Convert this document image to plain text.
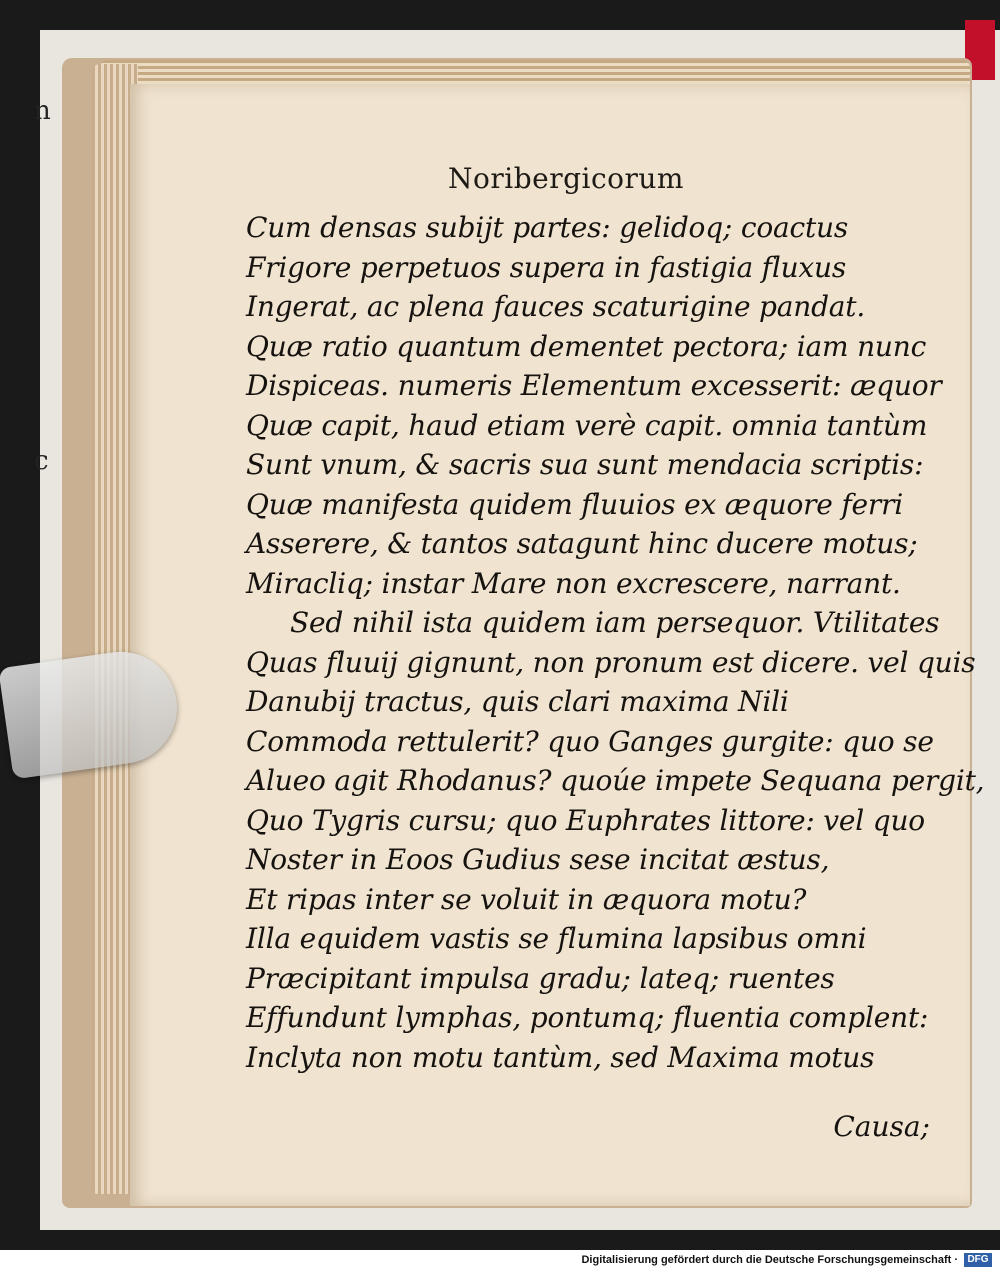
n
c
Noribergicorum
Cum densas subijt partes: gelidoq; coactus
Frigore perpetuos supera in fastigia fluxus
Ingerat, ac plena fauces scaturigine pandat.
Quæ ratio quantum dementet pectora; iam nunc
Dispiceas. numeris Elementum excesserit: æquor
Quæ capit, haud etiam verè capit. omnia tantùm
Sunt vnum, & sacris sua sunt mendacia scriptis:
Quæ manifesta quidem fluuios ex æquore ferri
Asserere, & tantos satagunt hinc ducere motus;
Miracliq; instar Mare non excrescere, narrant.
Sed nihil ista quidem iam persequor. Vtilitates
Quas fluuij gignunt, non pronum est dicere. vel quis
Danubij tractus, quis clari maxima Nili
Commoda rettulerit? quo Ganges gurgite: quo se
Alueo agit Rhodanus? quoúe impete Sequana pergit,
Quo Tygris cursu; quo Euphrates littore: vel quo
Noster in Eoos Gudius sese incitat æstus,
Et ripas inter se voluit in æquora motu?
Illa equidem vastis se flumina lapsibus omni
Præcipitant impulsa gradu; lateq; ruentes
Effundunt lymphas, pontumq; fluentia complent:
Inclyta non motu tantùm, sed Maxima motus
Causa;
Digitalisierung gefördert durch die Deutsche Forschungsgemeinschaft · DFG
